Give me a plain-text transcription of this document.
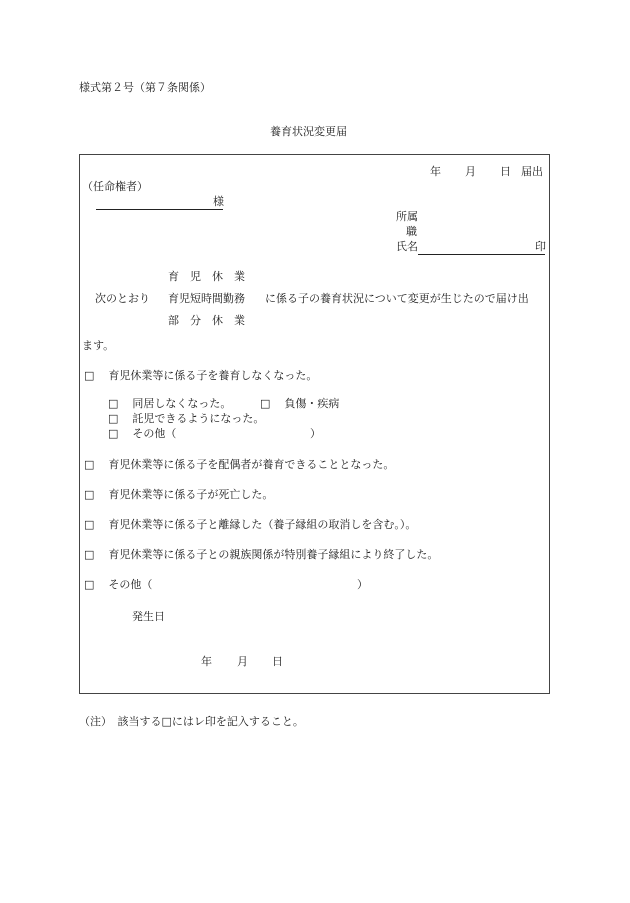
様式第２号（第７条関係）
養育状況変更届
年 月 日 届出
（任命権者）
様
所属
職
氏名	印
育　児　休　業
次のとおり 育児短時間勤務 に係る子の養育状況について変更が生じたので届け出
部　分　休　業
ます。
□ 育児休業等に係る子を養育しなくなった。
□ 同居しなくなった。	□ 負傷・疾病
□ 託児できるようになった。
□ その他（	）
□ 育児休業等に係る子を配偶者が養育できることとなった。
□ 育児休業等に係る子が死亡した。
□ 育児休業等に係る子と離縁した（養子縁組の取消しを含む。）。
□ 育児休業等に係る子との親族関係が特別養子縁組により終了した。
□ その他（	）
発生日
年 月 日
（注）　該当する□にはレ印を記入すること。
